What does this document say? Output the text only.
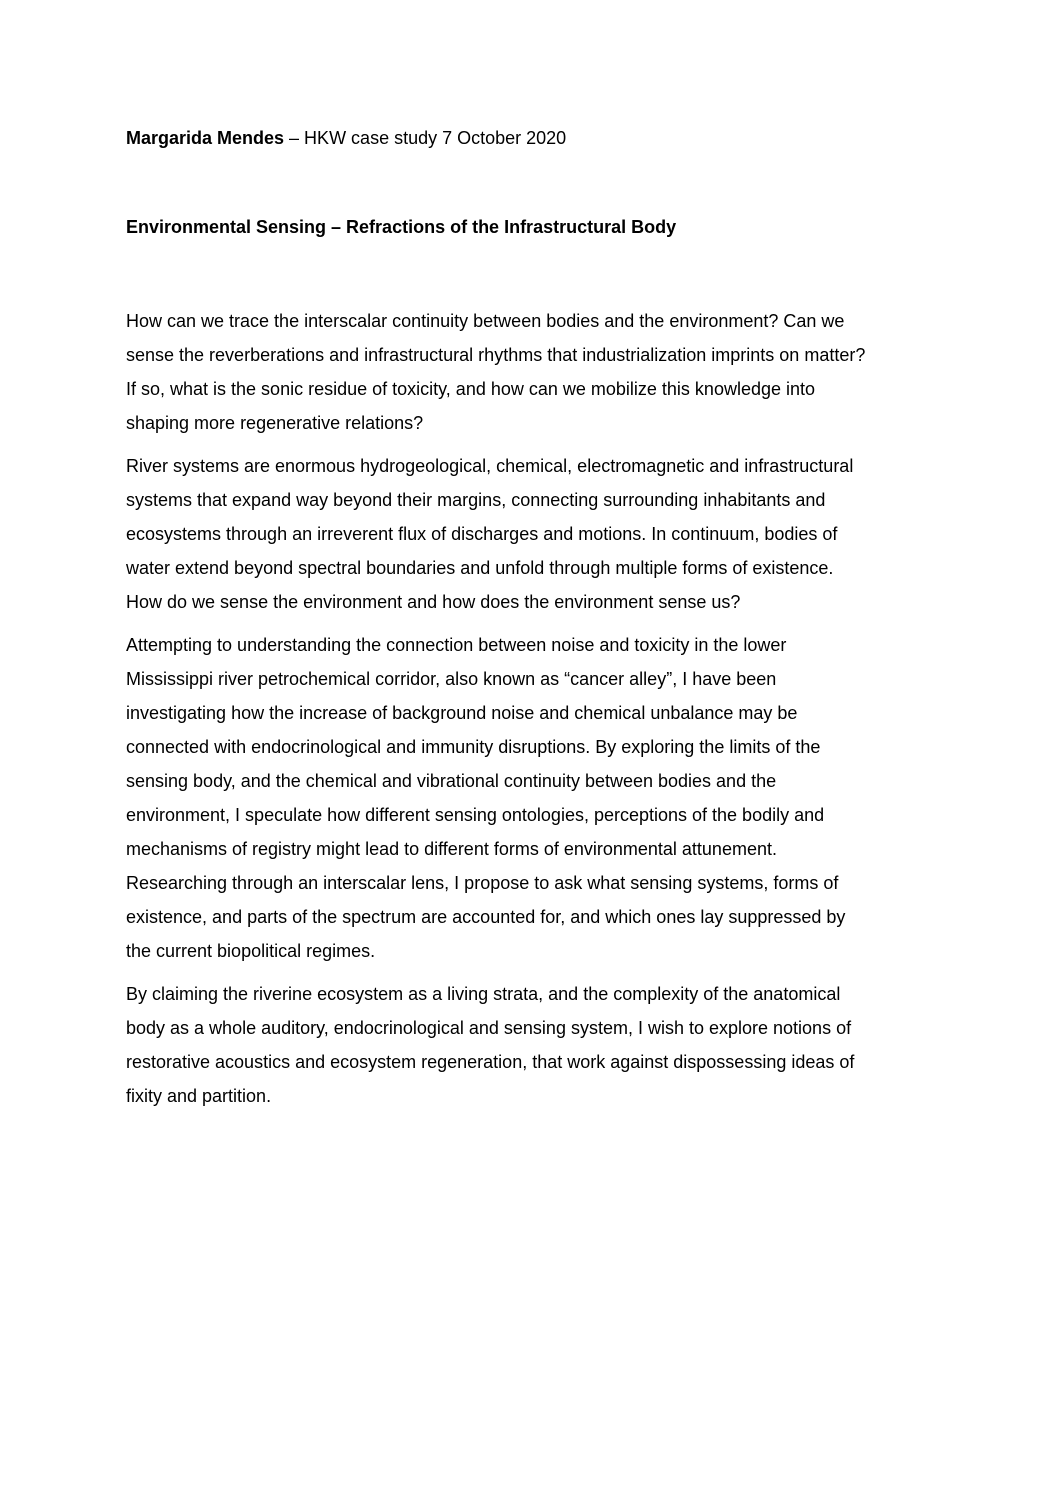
Margarida Mendes – HKW case study 7 October 2020
Environmental Sensing – Refractions of the Infrastructural Body

How can we trace the interscalar continuity between bodies and the environment? Can we
sense the reverberations and infrastructural rhythms that industrialization imprints on matter?
If so, what is the sonic residue of toxicity, and how can we mobilize this knowledge into
shaping more regenerative relations?

River systems are enormous hydrogeological, chemical, electromagnetic and infrastructural
systems that expand way beyond their margins, connecting surrounding inhabitants and
ecosystems through an irreverent flux of discharges and motions. In continuum, bodies of
water extend beyond spectral boundaries and unfold through multiple forms of existence.
How do we sense the environment and how does the environment sense us?

Attempting to understanding the connection between noise and toxicity in the lower
Mississippi river petrochemical corridor, also known as “cancer alley”, I have been
investigating how the increase of background noise and chemical unbalance may be
connected with endocrinological and immunity disruptions. By exploring the limits of the
sensing body, and the chemical and vibrational continuity between bodies and the
environment, I speculate how different sensing ontologies, perceptions of the bodily and
mechanisms of registry might lead to different forms of environmental attunement.
Researching through an interscalar lens, I propose to ask what sensing systems, forms of
existence, and parts of the spectrum are accounted for, and which ones lay suppressed by
the current biopolitical regimes.

By claiming the riverine ecosystem as a living strata, and the complexity of the anatomical
body as a whole auditory, endocrinological and sensing system, I wish to explore notions of
restorative acoustics and ecosystem regeneration, that work against dispossessing ideas of
fixity and partition.
